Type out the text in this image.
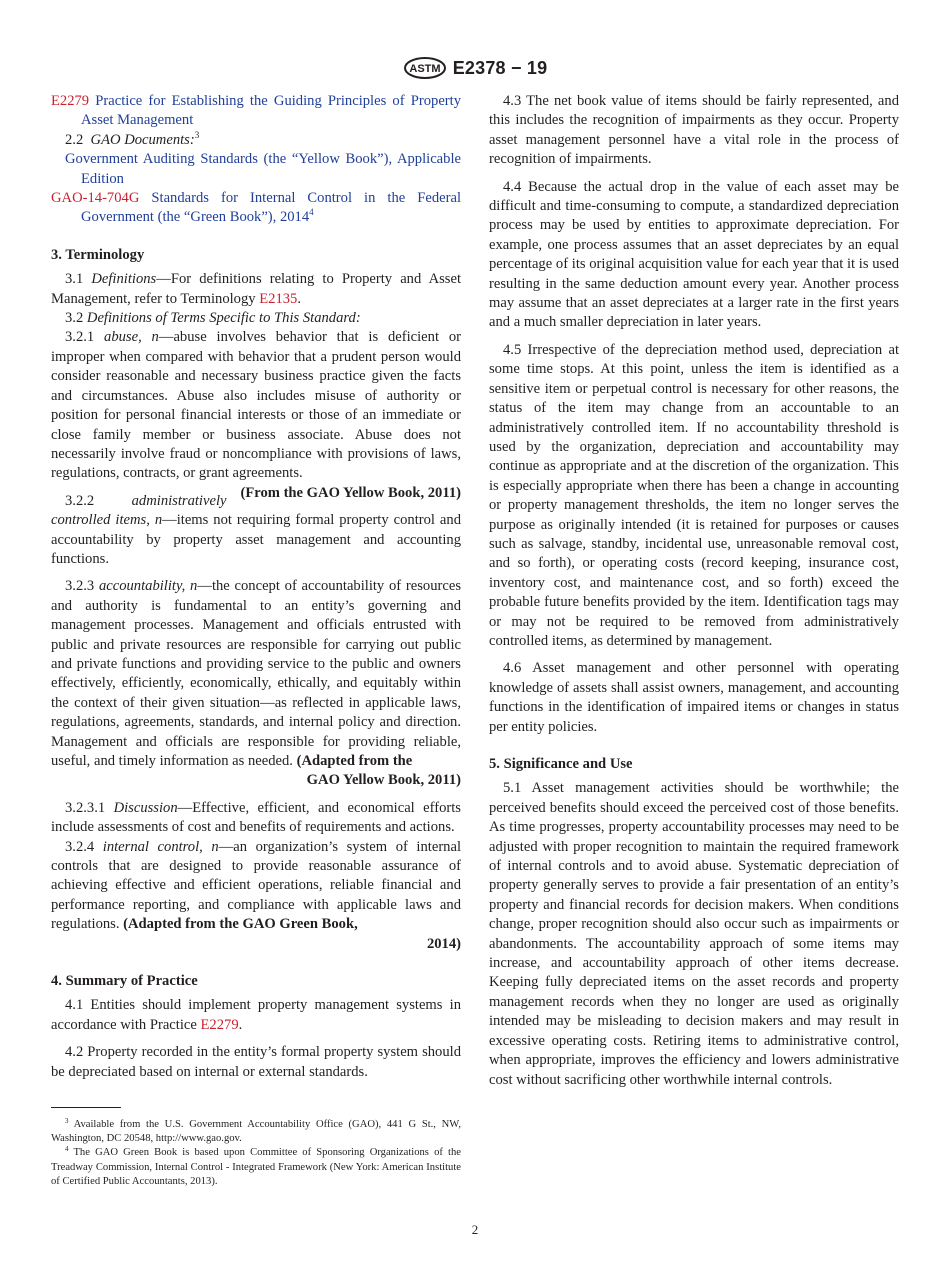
ASTM E2378 − 19

E2279 Practice for Establishing the Guiding Principles of Property Asset Management

2.2 GAO Documents:$^3$

Government Auditing Standards (the “Yellow Book”), Applicable Edition

GAO-14-704G Standards for Internal Control in the Federal Government (the “Green Book”), 2014$^4$

3. Terminology

3.1 Definitions—For definitions relating to Property and Asset Management, refer to Terminology E2135.

3.2 Definitions of Terms Specific to This Standard:

3.2.1 abuse, n—abuse involves behavior that is deficient or improper when compared with behavior that a prudent person would consider reasonable and necessary business practice given the facts and circumstances. Abuse also includes misuse of authority or position for personal financial interests or those of an immediate or close family member or business associate. Abuse does not necessarily involve fraud or noncompliance with provisions of laws, regulations, contracts, or grant agreements.
(From the GAO Yellow Book, 2011)

3.2.2	administratively controlled items, n—items not requiring formal property control and accountability by property asset management and accounting functions.

3.2.3 accountability, n—the concept of accountability of resources and authority is fundamental to an entity’s governing and management processes. Management and officials entrusted with public and private resources are responsible for carrying out public and private functions and providing service to the public and owners effectively, efficiently, economically, ethically, and equitably within the context of their given situation—as reflected in applicable laws, regulations, agreements, standards, and internal policy and direction. Management and officials are responsible for providing reliable, useful, and timely information as needed. (Adapted from the

GAO Yellow Book, 2011)

3.2.3.1 Discussion—Effective, efficient, and economical efforts include assessments of cost and benefits of requirements and actions.

3.2.4 internal control, n—an organization’s system of internal controls that are designed to provide reasonable assurance of achieving effective and efficient operations, reliable financial and performance reporting, and compliance with applicable laws and regulations. (Adapted from the GAO Green Book,

2014)

4. Summary of Practice

4.1 Entities should implement property management systems in accordance with Practice E2279.

4.2 Property recorded in the entity’s formal property system should be depreciated based on internal or external standards.

4.3 The net book value of items should be fairly represented, and this includes the recognition of impairments as they occur. Property asset management personnel have a vital role in the process of recognition of impairments.

4.4 Because the actual drop in the value of each asset may be difficult and time-consuming to compute, a standardized depreciation process may be used by entities to approximate depreciation. For example, one process assumes that an asset depreciates by an equal percentage of its original acquisition value for each year that it is used resulting in the same deduction amount every year. Another process may assume that an asset depreciates at a larger rate in the first years and a much smaller depreciation in later years.

4.5 Irrespective of the depreciation method used, depreciation at some time stops. At this point, unless the item is identified as a sensitive item or perpetual control is necessary for other reasons, the status of the item may change from an accountable to an administratively controlled item. If no accountability threshold is used by the organization, depreciation and accountability may continue as appropriate and at the discretion of the organization. This is especially appropriate when there has been a change in accounting or property management thresholds, the item no longer serves the purpose as originally intended (it is retained for purposes or causes such as salvage, standby, incidental use, unreasonable removal cost, and so forth), or operating costs (record keeping, insurance cost, inventory cost, and maintenance cost, and so forth) exceed the probable future benefits provided by the item. Identification tags may or may not be required to be removed from administratively controlled items, as determined by management.

4.6 Asset management and other personnel with operating knowledge of assets shall assist owners, management, and accounting functions in the identification of impaired items or changes in status per entity policies.

5. Significance and Use

5.1 Asset management activities should be worthwhile; the perceived benefits should exceed the perceived cost of those benefits. As time progresses, property accountability processes may need to be adjusted with proper recognition to maintain the required framework of internal controls and to avoid abuse. Systematic depreciation of property generally serves to provide a fair presentation of an entity’s property and financial records for decision makers. When conditions change, proper recognition should also occur such as impairments or abandonments. The accountability approach of some items may increase, and accountability approach of other items decrease. Keeping fully depreciated items on the asset records and property management records when they no longer are used as originally intended may be misleading to decision makers and may result in excessive operating costs. Retiring items to administrative control, when appropriate, improves the efficiency and lowers administrative cost without sacrificing other worthwhile internal controls.

$^3$ Available from the U.S. Government Accountability Office (GAO), 441 G St., NW, Washington, DC 20548, http://www.gao.gov.

$^4$ The GAO Green Book is based upon Committee of Sponsoring Organizations of the Treadway Commission, Internal Control - Integrated Framework (New York: American Institute of Certified Public Accountants, 2013).

2
